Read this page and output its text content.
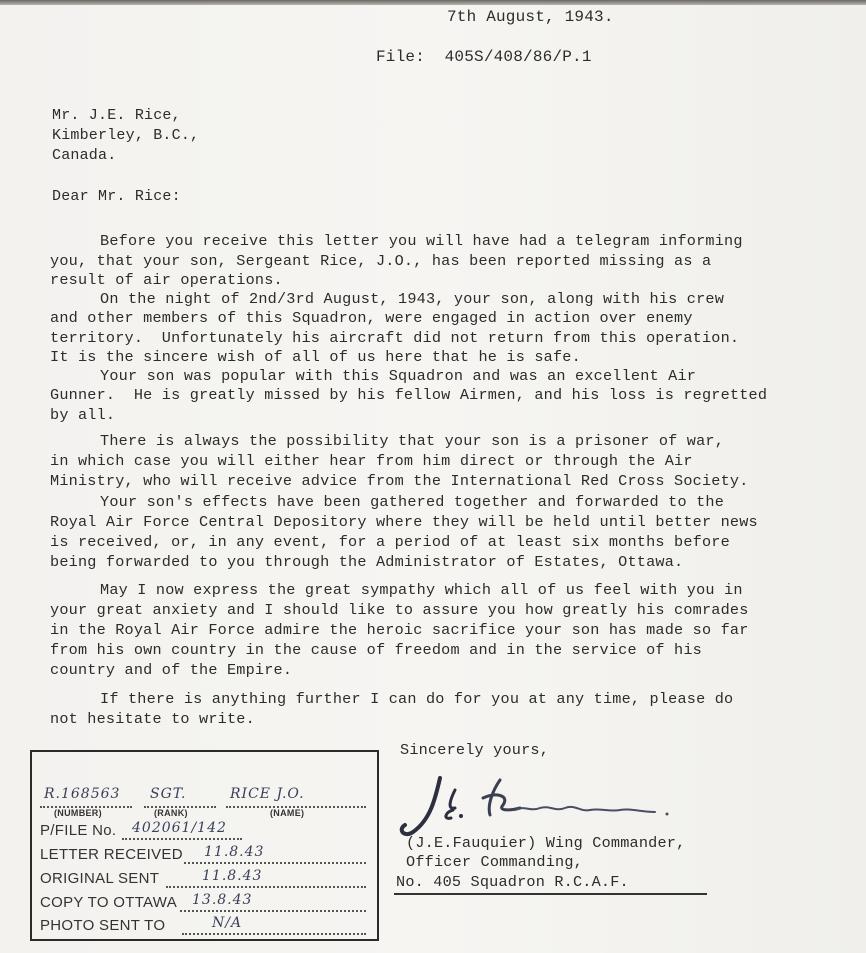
7th August, 1943.
File: 405S/408/86/P.1
Mr. J.E. Rice,
Kimberley, B.C.,
Canada.
Dear Mr. Rice:
Before you receive this letter you will have had a telegram informing
you, that your son, Sergeant Rice, J.O., has been reported missing as a
result of air operations.
On the night of 2nd/3rd August, 1943, your son, along with his crew
and other members of this Squadron, were engaged in action over enemy
territory.  Unfortunately his aircraft did not return from this operation.
It is the sincere wish of all of us here that he is safe.
Your son was popular with this Squadron and was an excellent Air
Gunner.  He is greatly missed by his fellow Airmen, and his loss is regretted
by all.
There is always the possibility that your son is a prisoner of war,
in which case you will either hear from him direct or through the Air
Ministry, who will receive advice from the International Red Cross Society.
Your son's effects have been gathered together and forwarded to the
Royal Air Force Central Depository where they will be held until better news
is received, or, in any event, for a period of at least six months before
being forwarded to you through the Administrator of Estates, Ottawa.
May I now express the great sympathy which all of us feel with you in
your great anxiety and I should like to assure you how greatly his comrades
in the Royal Air Force admire the heroic sacrifice your son has made so far
from his own country in the cause of freedom and in the service of his
country and of the Empire.
If there is anything further I can do for you at any time, please do
not hesitate to write.
Sincerely yours,
(J.E.Fauquier) Wing Commander,
Officer Commanding,
No. 405 Squadron R.C.A.F.
R.168563 SGT.	RICE J.O.
(NUMBER)	(RANK)	(NAME)
P/FILE No. 402061/142
LETTER RECEIVED 11.8.43
ORIGINAL SENT	11.8.43
COPY TO OTTAWA 13.8.43
PHOTO SENT TO	N/A
